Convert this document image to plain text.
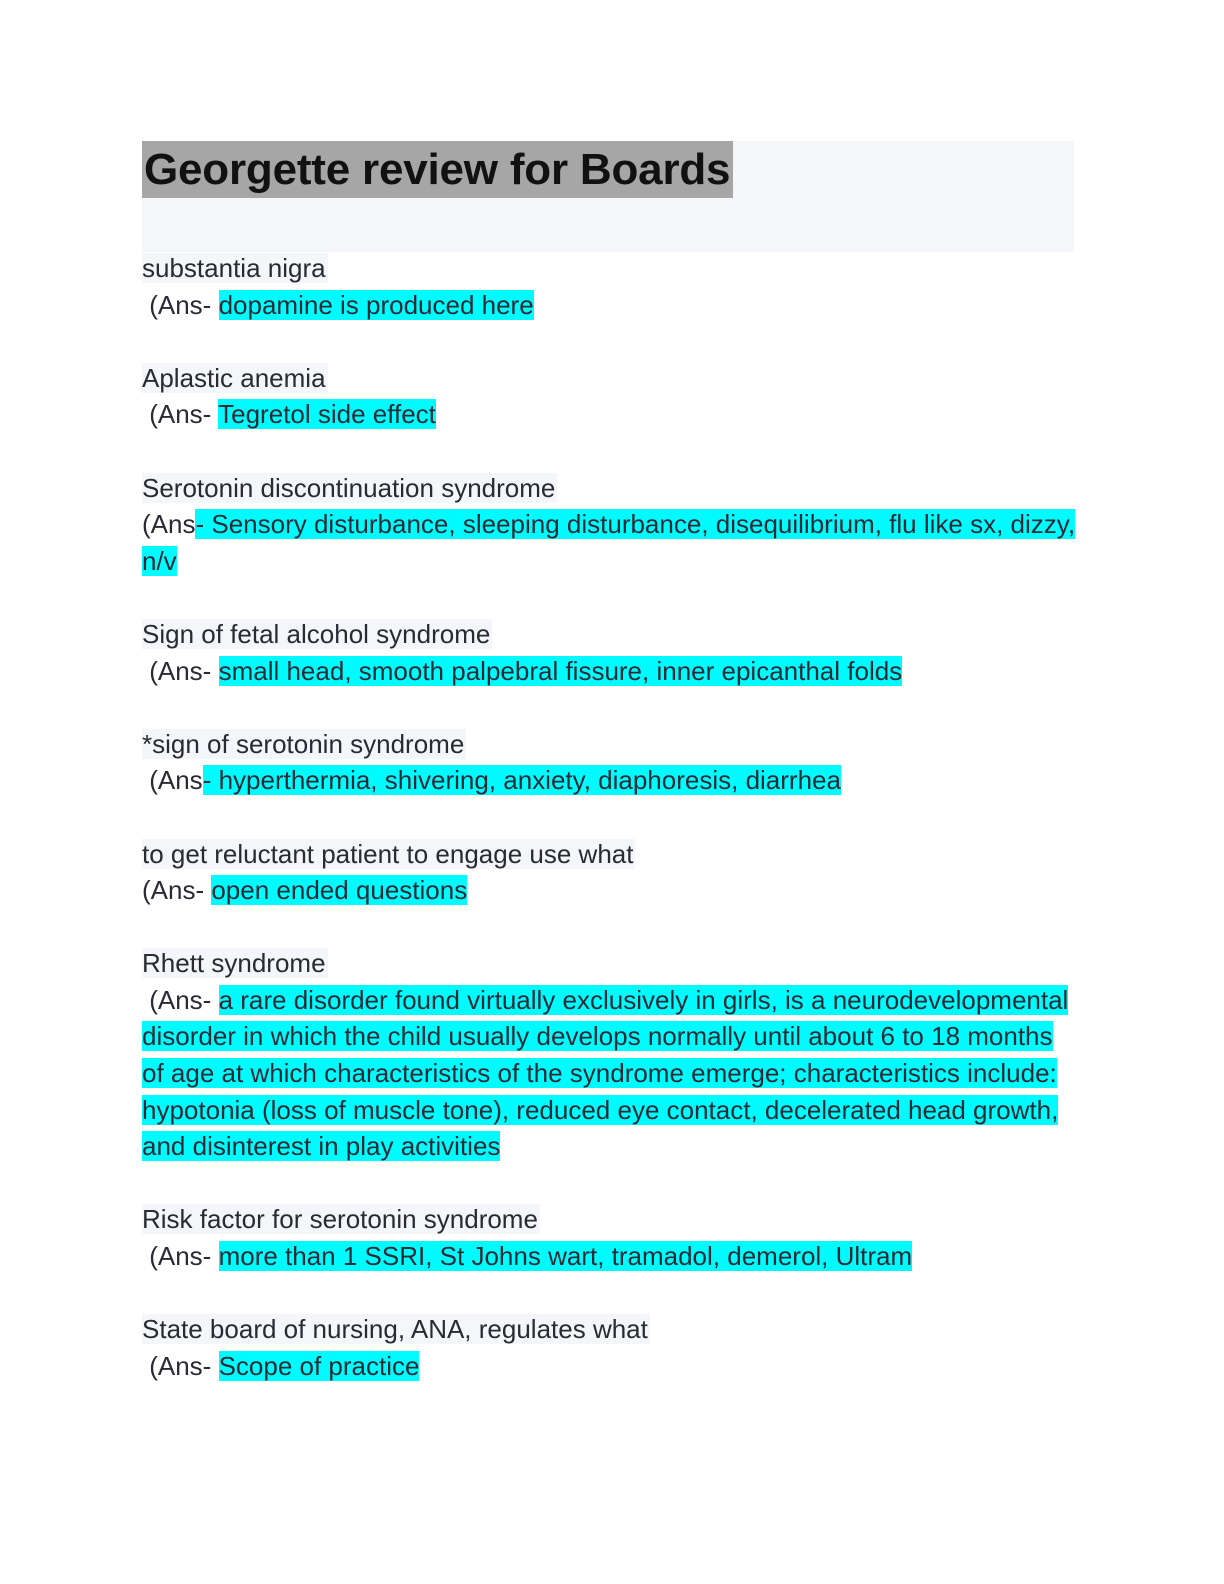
Georgette review for Boards
substantia nigra
(Ans- dopamine is produced here
Aplastic anemia
(Ans- Tegretol side effect
Serotonin discontinuation syndrome
(Ans- Sensory disturbance, sleeping disturbance, disequilibrium, flu like sx, dizzy, n/v
Sign of fetal alcohol syndrome
(Ans- small head, smooth palpebral fissure, inner epicanthal folds
*sign of serotonin syndrome
(Ans- hyperthermia, shivering, anxiety, diaphoresis, diarrhea
to get reluctant patient to engage use what
(Ans- open ended questions
Rhett syndrome
(Ans- a rare disorder found virtually exclusively in girls, is a neurodevelopmental disorder in which the child usually develops normally until about 6 to 18 months of age at which characteristics of the syndrome emerge; characteristics include: hypotonia (loss of muscle tone), reduced eye contact, decelerated head growth, and disinterest in play activities
Risk factor for serotonin syndrome
(Ans- more than 1 SSRI, St Johns wart, tramadol, demerol, Ultram
State board of nursing, ANA, regulates what
(Ans- Scope of practice
